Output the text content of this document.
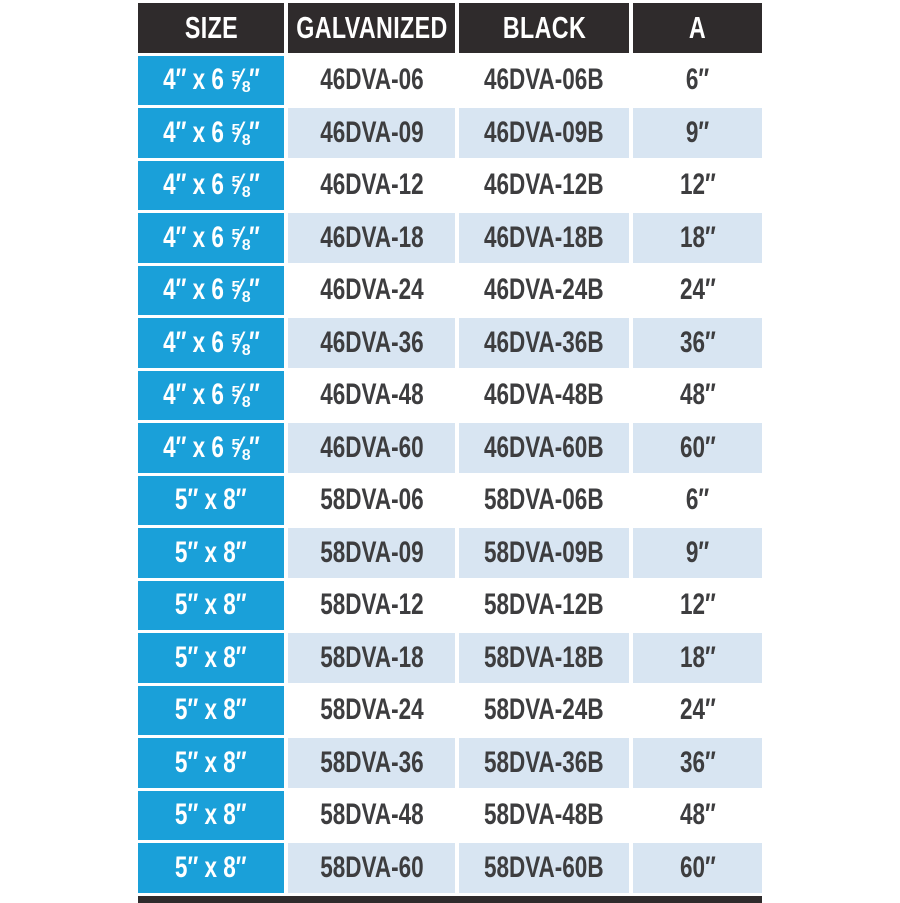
SIZE GALVANIZED BLACK	A
4″ x 6 ⅝″ 46DVA-06 46DVA-06B	6″
4″ x 6 ⅝″ 46DVA-09 46DVA-09B	9″
4″ x 6 ⅝″ 46DVA-12 46DVA-12B	12″
4″ x 6 ⅝″ 46DVA-18 46DVA-18B	18″
4″ x 6 ⅝″ 46DVA-24 46DVA-24B	24″
4″ x 6 ⅝″ 46DVA-36 46DVA-36B	36″
4″ x 6 ⅝″ 46DVA-48 46DVA-48B	48″
4″ x 6 ⅝″ 46DVA-60 46DVA-60B	60″
5″ x 8″ 58DVA-06 58DVA-06B	6″
5″ x 8″ 58DVA-09 58DVA-09B	9″
5″ x 8″ 58DVA-12 58DVA-12B	12″
5″ x 8″ 58DVA-18 58DVA-18B	18″
5″ x 8″ 58DVA-24 58DVA-24B	24″
5″ x 8″ 58DVA-36 58DVA-36B	36″
5″ x 8″ 58DVA-48 58DVA-48B	48″
5″ x 8″ 58DVA-60 58DVA-60B	60″
